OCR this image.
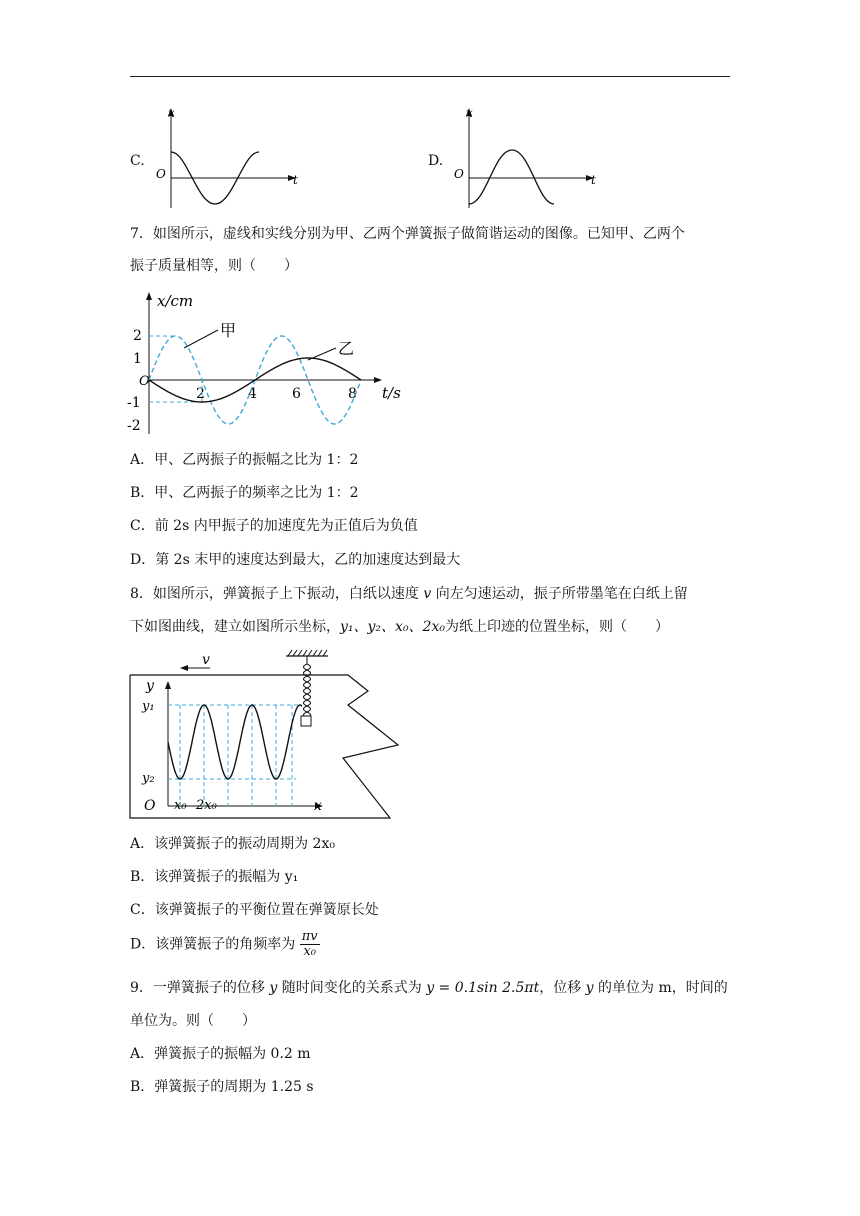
C.
x
t
O
D.
x
t
O
7．如图所示，虚线和实线分别为甲、乙两个弹簧振子做简谐运动的图像。已知甲、乙两个
振子质量相等，则（　　）
x/cm
t/s
O
2
1
-1
-2
2	4	6	8
甲
乙
A．甲、乙两振子的振幅之比为 1：2
B．甲、乙两振子的频率之比为 1：2
C．前 2s 内甲振子的加速度先为正值后为负值
D．第 2s 末甲的速度达到最大，乙的加速度达到最大
8．如图所示，弹簧振子上下振动，白纸以速度 v 向左匀速运动，振子所带墨笔在白纸上留
下如图曲线，建立如图所示坐标，y₁、y₂、x₀、2x₀为纸上印迹的位置坐标，则（　　）
v
y
x
O
y₁
y₂
x₀ 2x₀
A．该弹簧振子的振动周期为 2x₀
B．该弹簧振子的振幅为 y₁
C．该弹簧振子的平衡位置在弹簧原长处
D．该弹簧振子的角频率为 $\frac{\pi v}{\text{x₀}}$
9．一弹簧振子的位移 y 随时间变化的关系式为 y = 0.1sin 2.5πt，位移 y 的单位为 m，时间的
单位为。则（　　）
A．弹簧振子的振幅为 0.2 m
B．弹簧振子的周期为 1.25 s
